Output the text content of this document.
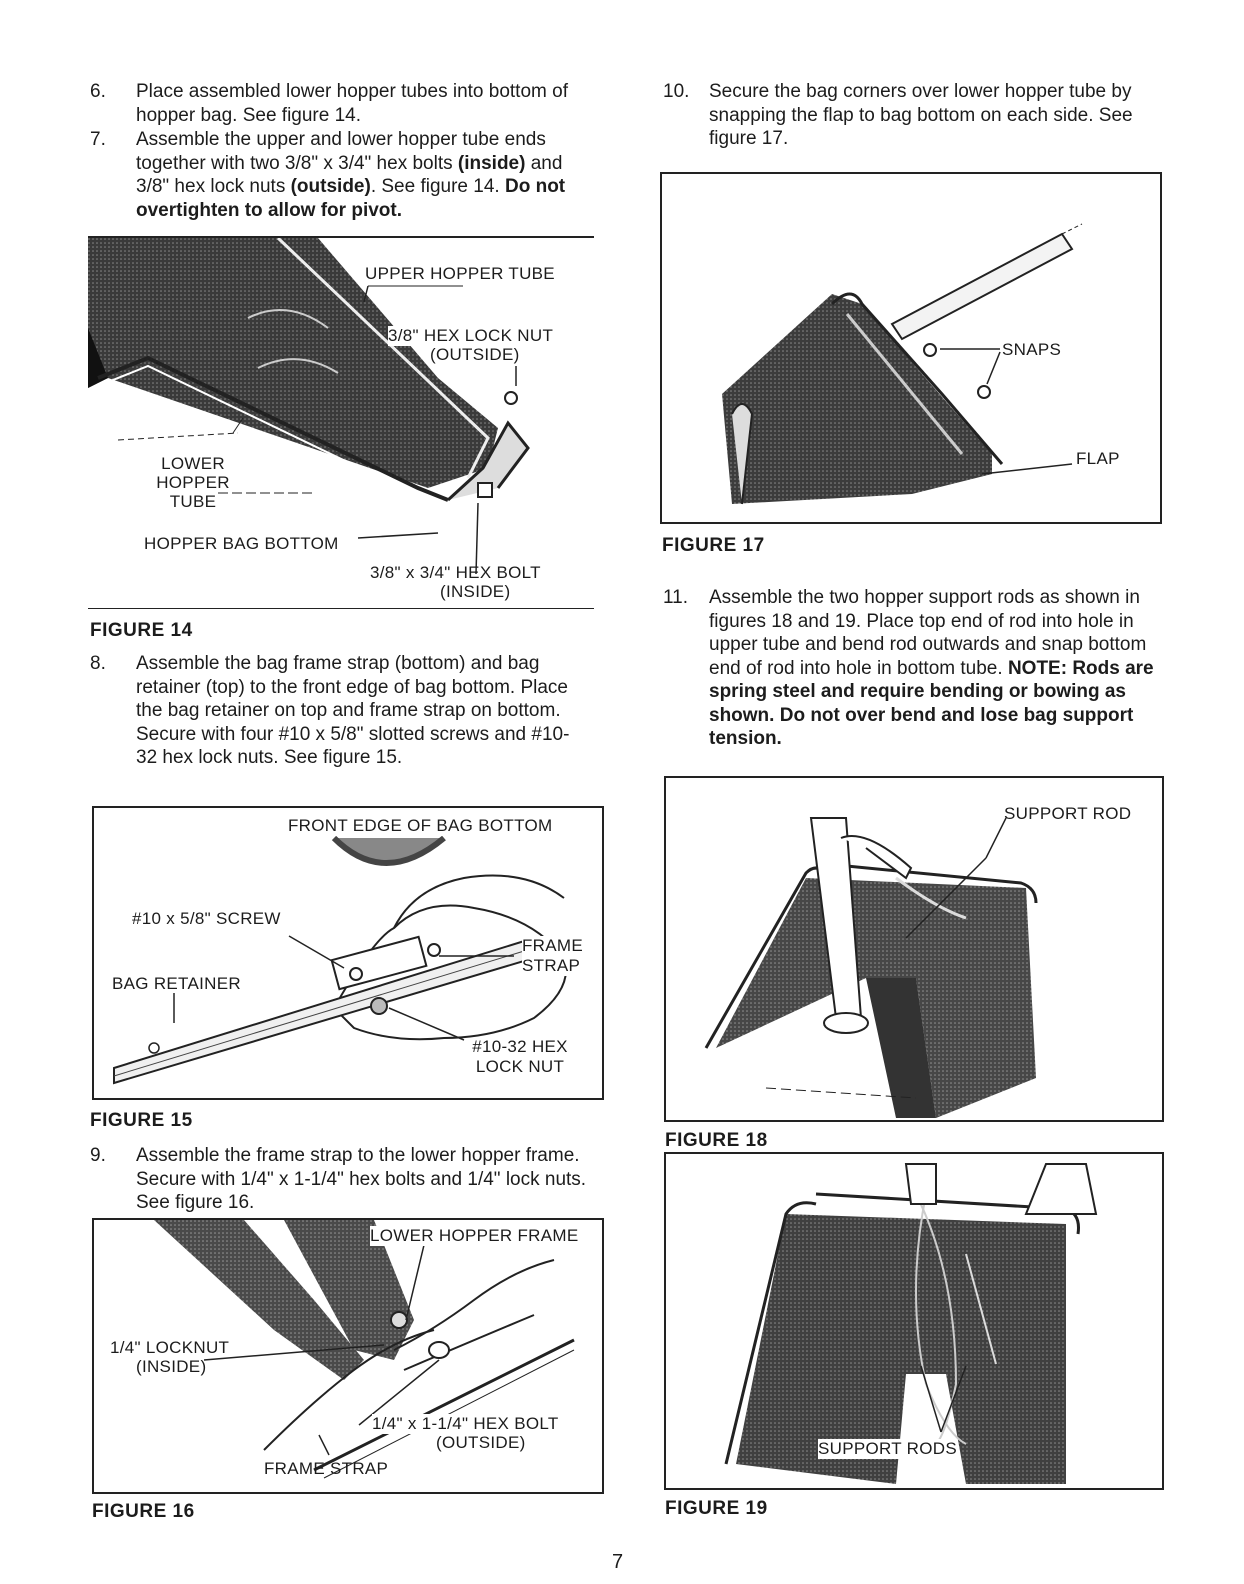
6.	Place assembled lower hopper tubes into bottom of hopper bag. See figure 14.
7.	Assemble the upper and lower hopper tube ends together with two 3/8" x 3/4" hex bolts (inside) and 3/8" hex lock nuts (outside). See figure 14. Do not overtighten to allow for pivot.
UPPER HOPPER TUBE
3/8" HEX LOCK NUT
(OUTSIDE)
LOWER
HOPPER
TUBE
HOPPER BAG BOTTOM
3/8" x 3/4" HEX BOLT
(INSIDE)
FIGURE 14
8.	Assemble the bag frame strap (bottom) and bag retainer (top) to the front edge of bag bottom. Place the bag retainer on top and frame strap on bottom. Secure with four #10 x 5/8" slotted screws and #10-32 hex lock nuts. See figure 15.
FRONT EDGE OF BAG BOTTOM
#10 x 5/8" SCREW
FRAME
STRAP
BAG RETAINER
#10-32 HEX
LOCK NUT
FIGURE 15
9.	Assemble the frame strap to the lower hopper frame. Secure with 1/4" x 1-1/4" hex bolts and 1/4" lock nuts. See figure 16.
LOWER HOPPER FRAME
1/4" LOCKNUT
(INSIDE)
1/4" x 1-1/4" HEX BOLT
(OUTSIDE)
FRAME STRAP
FIGURE 16
10.	Secure the bag corners over lower hopper tube by snapping the flap to bag bottom on each side. See figure 17.
SNAPS
FLAP
FIGURE 17
11.	Assemble the two hopper support rods as shown in figures 18 and 19. Place top end of rod into hole in upper tube and bend rod outwards and snap bottom end of rod into hole in bottom tube. NOTE: Rods are spring steel and require bending or bowing as shown. Do not over bend and lose bag support tension.
SUPPORT ROD
FIGURE 18
SUPPORT RODS
FIGURE 19
7
